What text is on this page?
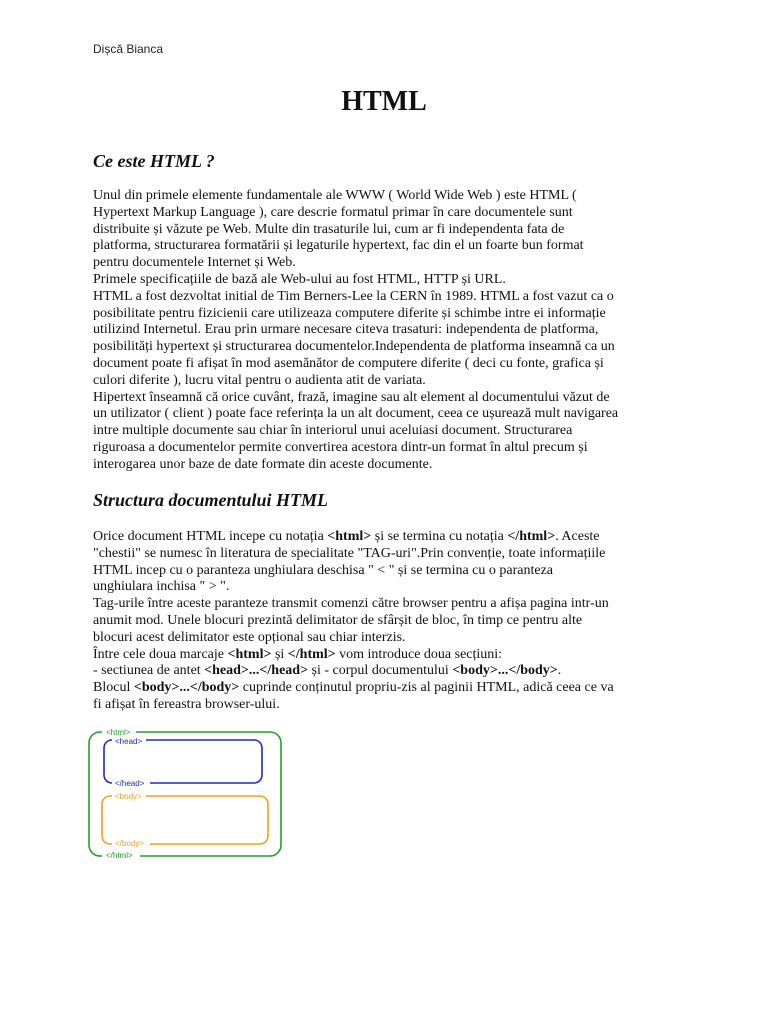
Dișcă Bianca
HTML
Ce este HTML ?

Unul din primele elemente fundamentale ale WWW ( World Wide Web ) este HTML (

Hypertext Markup Language ), care descrie formatul primar în care documentele sunt

distribuite și văzute pe Web. Multe din trasaturile lui, cum ar fi independenta fata de

platforma, structurarea formatării și legaturile hypertext, fac din el un foarte bun format

pentru documentele Internet și Web.

Primele specificațiile de bază ale Web-ului au fost HTML, HTTP și URL.

HTML a fost dezvoltat initial de Tim Berners-Lee la CERN în 1989. HTML a fost vazut ca o

posibilitate pentru fizicienii care utilizeaza computere diferite și schimbe intre ei informație

utilizind Internetul. Erau prin urmare necesare citeva trasaturi: independenta de platforma,

posibilități hypertext și structurarea documentelor.Independenta de platforma inseamnă ca un

document poate fi afișat în mod asemănător de computere diferite ( deci cu fonte, grafica și

culori diferite ), lucru vital pentru o audienta atit de variata.

Hipertext înseamnă că orice cuvânt, frază, imagine sau alt element al documentului văzut de

un utilizator ( client ) poate face referința la un alt document, ceea ce ușurează mult navigarea

intre multiple documente sau chiar în interiorul unui aceluiasi document. Structurarea

riguroasa a documentelor permite convertirea acestora dintr-un format în altul precum și

interogarea unor baze de date formate din aceste documente.

Structura documentului HTML

Orice document HTML incepe cu notația <html> și se termina cu notația </html>. Aceste

"chestii" se numesc în literatura de specialitate "TAG-uri".Prin convenție, toate informațiile

HTML incep cu o paranteza unghiulara deschisa " < " și se termina cu o paranteza

unghiulara inchisa " > ".

Tag-urile între aceste paranteze transmit comenzi către browser pentru a afișa pagina intr-un

anumit mod. Unele blocuri prezintă delimitator de sfârșit de bloc, în timp ce pentru alte

blocuri acest delimitator este opțional sau chiar interzis.

Între cele doua marcaje <html> și </html> vom introduce doua secțiuni:

- sectiunea de antet <head>...</head> și - corpul documentului <body>...</body>.

Blocul <body>...</body> cuprinde conținutul propriu-zis al paginii HTML, adică ceea ce va

fi afișat în fereastra browser-ului.

<html>
<head>
</head>
<body>
</body>
</html>
